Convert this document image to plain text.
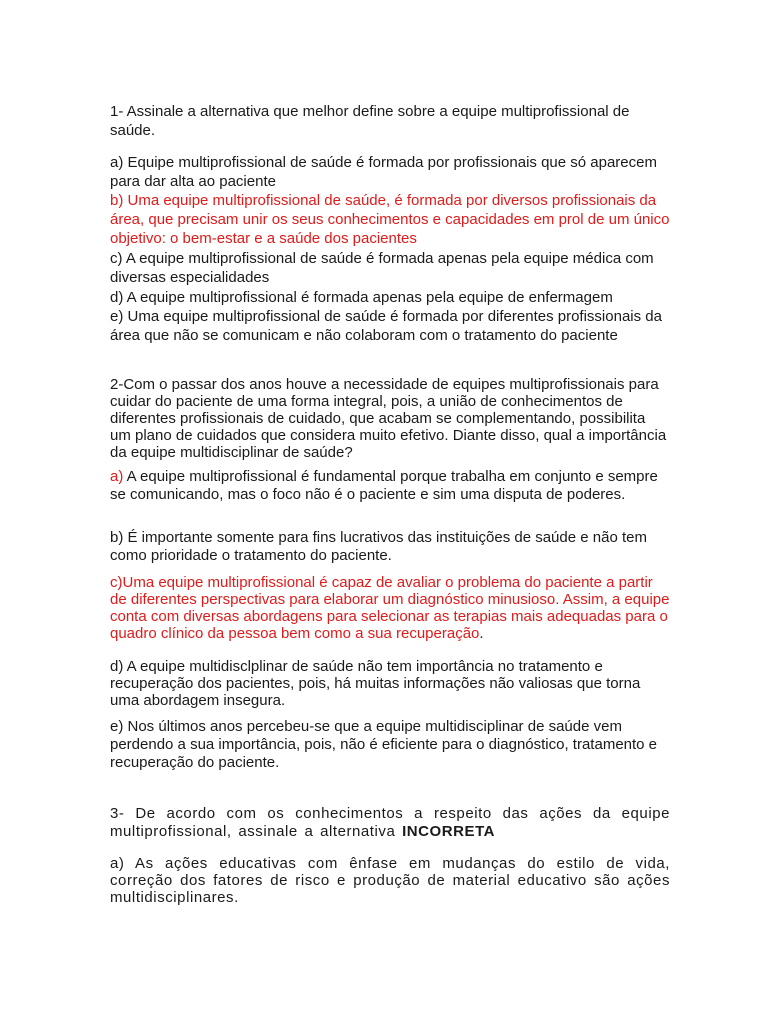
1- Assinale a alternativa que melhor define sobre a equipe multiprofissional de saúde.

a) Equipe multiprofissional de saúde é formada por profissionais que só aparecem para dar alta ao paciente

b) Uma equipe multiprofissional de saúde, é formada por diversos profissionais da área, que precisam unir os seus conhecimentos e capacidades em prol de um único objetivo: o bem-estar e a saúde dos pacientes

c) A equipe multiprofissional de saúde é formada apenas pela equipe médica com diversas especialidades

d) A equipe multiprofissional é formada apenas pela equipe de enfermagem

e) Uma equipe multiprofissional de saúde é formada por diferentes profissionais da área que não se comunicam e não colaboram com o tratamento do paciente

2-Com o passar dos anos houve a necessidade de equipes multiprofissionais para cuidar do paciente de uma forma integral, pois, a união de conhecimentos de diferentes profissionais de cuidado, que acabam se complementando, possibilita um plano de cuidados que considera muito efetivo. Diante disso, qual a importância da equipe multidisciplinar de saúde?

a) A equipe multiprofissional é fundamental porque trabalha em conjunto e sempre se comunicando, mas o foco não é o paciente e sim uma disputa de poderes.

b) É importante somente para fins lucrativos das instituições de saúde e não tem como prioridade o tratamento do paciente.

c)Uma equipe multiprofissional é capaz de avaliar o problema do paciente a partir de diferentes perspectivas para elaborar um diagnóstico minusioso. Assim, a equipe conta com diversas abordagens para selecionar as terapias mais adequadas para o quadro clínico da pessoa bem como a sua recuperação.

d) A equipe multidisclplinar de saúde não tem importância no tratamento e recuperação dos pacientes, pois, há muitas informações não valiosas que torna uma abordagem insegura.

e) Nos últimos anos percebeu-se que a equipe multidisciplinar de saúde vem perdendo a sua importância, pois, não é eficiente para o diagnóstico, tratamento e recuperação do paciente.

3- De acordo com os conhecimentos a respeito das ações da equipe multiprofissional, assinale a alternativa INCORRETA

a) As ações educativas com ênfase em mudanças do estilo de vida, correção dos fatores de risco e produção de material educativo são ações multidisciplinares.
